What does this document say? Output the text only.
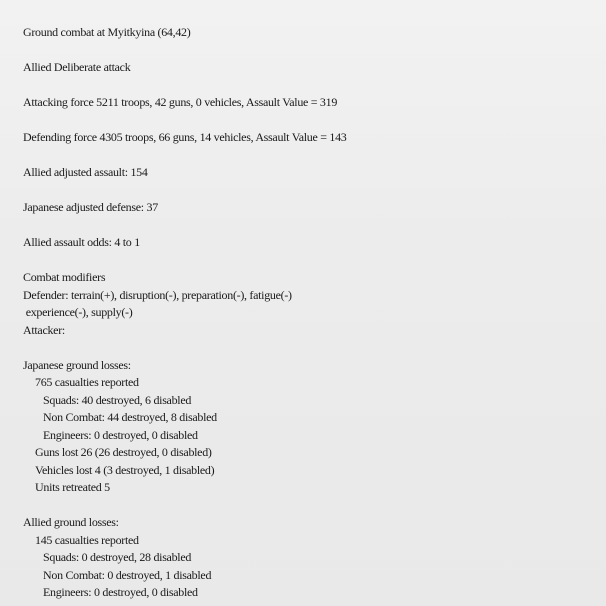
Ground combat at Myitkyina (64,42)
Allied Deliberate attack
Attacking force 5211 troops, 42 guns, 0 vehicles, Assault Value = 319
Defending force 4305 troops, 66 guns, 14 vehicles, Assault Value = 143
Allied adjusted assault: 154
Japanese adjusted defense: 37
Allied assault odds: 4 to 1
Combat modifiers
Defender: terrain(+), disruption(-), preparation(-), fatigue(-)
experience(-), supply(-)
Attacker:
Japanese ground losses:
765 casualties reported
Squads: 40 destroyed, 6 disabled
Non Combat: 44 destroyed, 8 disabled
Engineers: 0 destroyed, 0 disabled
Guns lost 26 (26 destroyed, 0 disabled)
Vehicles lost 4 (3 destroyed, 1 disabled)
Units retreated 5
Allied ground losses:
145 casualties reported
Squads: 0 destroyed, 28 disabled
Non Combat: 0 destroyed, 1 disabled
Engineers: 0 destroyed, 0 disabled
